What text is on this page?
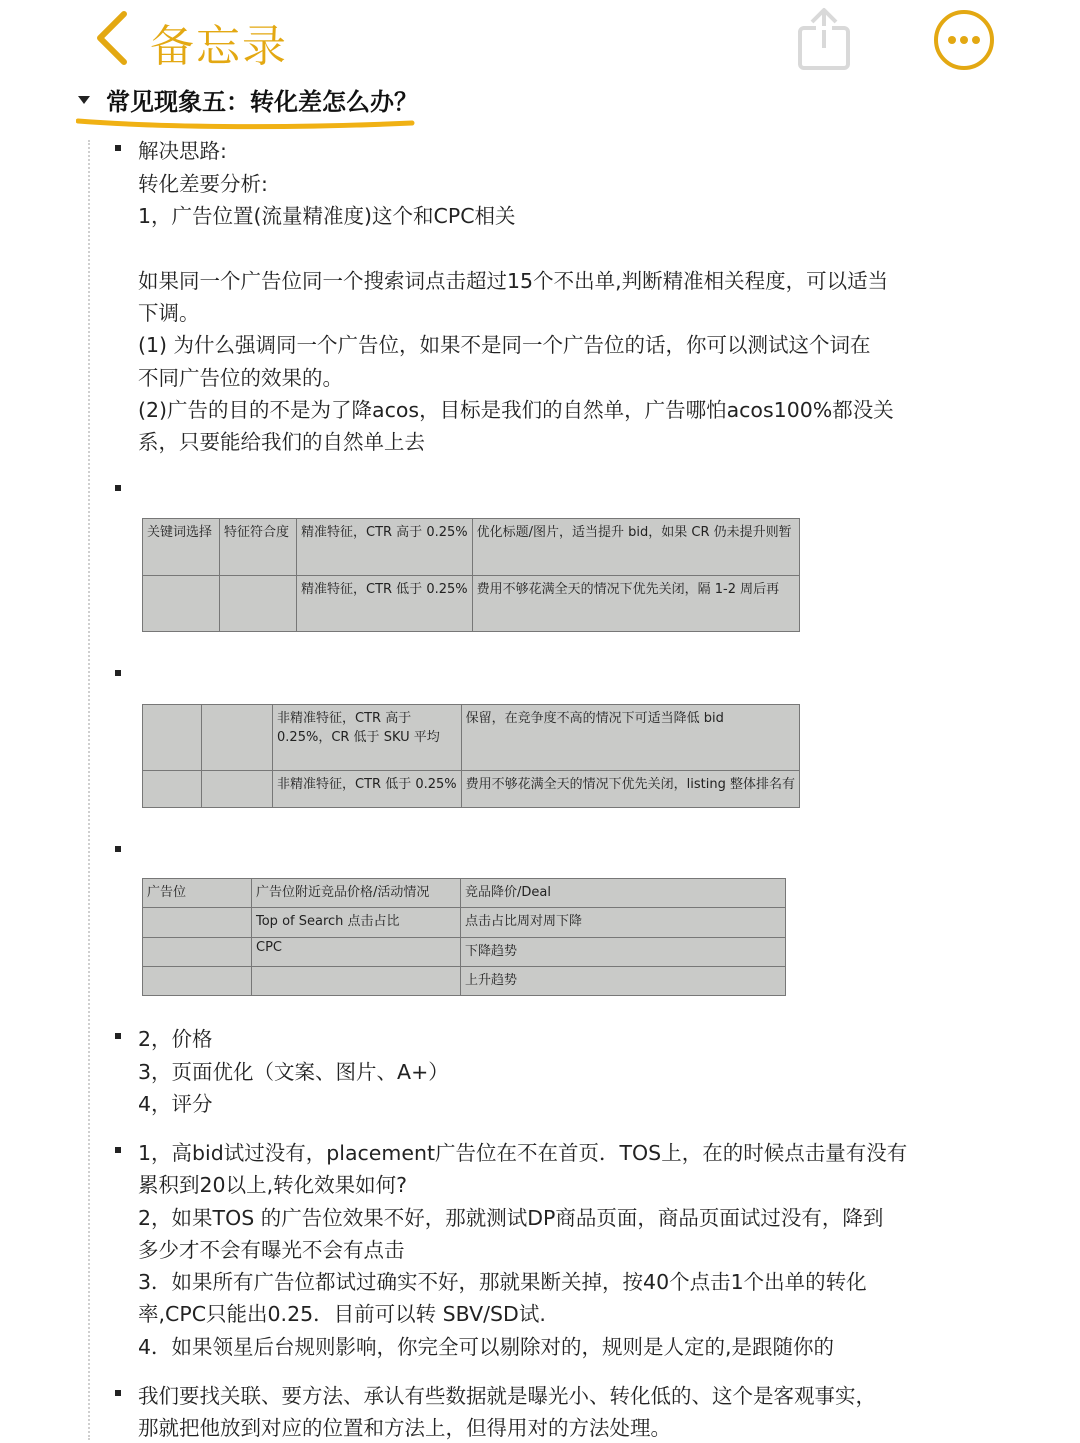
备忘录
常见现象五：转化差怎么办？
解决思路:
转化差要分析:
1，广告位置(流量精准度)这个和CPC相关
如果同一个广告位同一个搜索词点击超过15个不出单,判断精准相关程度，可以适当
下调。
(1) 为什么强调同一个广告位，如果不是同一个广告位的话，你可以测试这个词在
不同广告位的效果的。
(2)广告的目的不是为了降acos，目标是我们的自然单，广告哪怕acos100%都没关
系，只要能给我们的自然单上去
关键词选择	特征符合度	精准特征，CTR 高于 0.25%	优化标题/图片，适当提升 bid，如果 CR 仍未提升则暂
		精准特征，CTR 低于 0.25%	费用不够花满全天的情况下优先关闭，隔 1-2 周后再
		非精准特征，CTR 高于 0.25%，CR 低于 SKU 平均	保留，在竞争度不高的情况下可适当降低 bid
		非精准特征，CTR 低于 0.25%	费用不够花满全天的情况下优先关闭，listing 整体排名有
广告位	广告位附近竞品价格/活动情况	竞品降价/Deal
	Top of Search 点击占比	点击占比周对周下降
	CPC	下降趋势
		上升趋势
2，价格
3，页面优化（文案、图片、A+）
4，评分
1，高bid试过没有，placement广告位在不在首页．TOS上，在的时候点击量有没有
累积到20以上,转化效果如何?
2，如果TOS 的广告位效果不好，那就测试DP商品页面，商品页面试过没有，降到
多少才不会有曝光不会有点击
3．如果所有广告位都试过确实不好，那就果断关掉，按40个点击1个出单的转化
率,CPC只能出0.25．目前可以转 SBV/SD试.
4．如果领星后台规则影响，你完全可以剔除对的，规则是人定的,是跟随你的
我们要找关联、要方法、承认有些数据就是曝光小、转化低的、这个是客观事实，
那就把他放到对应的位置和方法上，但得用对的方法处理。
